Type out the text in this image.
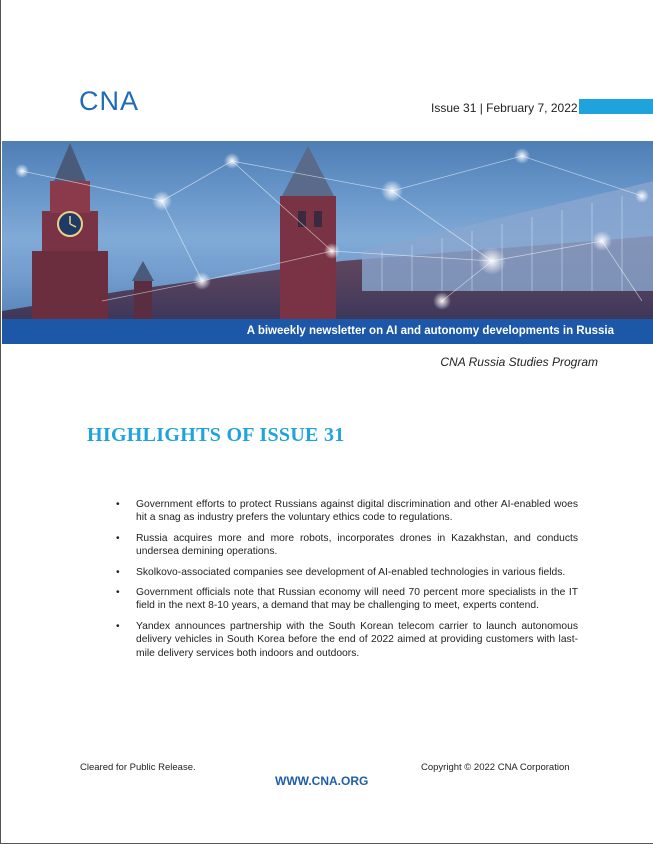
CNA	Issue 31 | February 7, 2022
A biweekly newsletter on AI and autonomy developments in Russia
CNA Russia Studies Program
HIGHLIGHTS OF ISSUE 31
• Government efforts to protect Russians against digital discrimination and other AI-enabled woes hit a snag as industry prefers the voluntary ethics code to regulations.
• Russia acquires more and more robots, incorporates drones in Kazakhstan, and conducts undersea demining operations.
• Skolkovo-associated companies see development of AI-enabled technologies in various fields.
• Government officials note that Russian economy will need 70 percent more specialists in the IT field in the next 8-10 years, a demand that may be challenging to meet, experts contend.
• Yandex announces partnership with the South Korean telecom carrier to launch autonomous delivery vehicles in South Korea before the end of 2022 aimed at providing customers with last-mile delivery services both indoors and outdoors.
Cleared for Public Release.	Copyright © 2022 CNA Corporation
WWW.CNA.ORG
